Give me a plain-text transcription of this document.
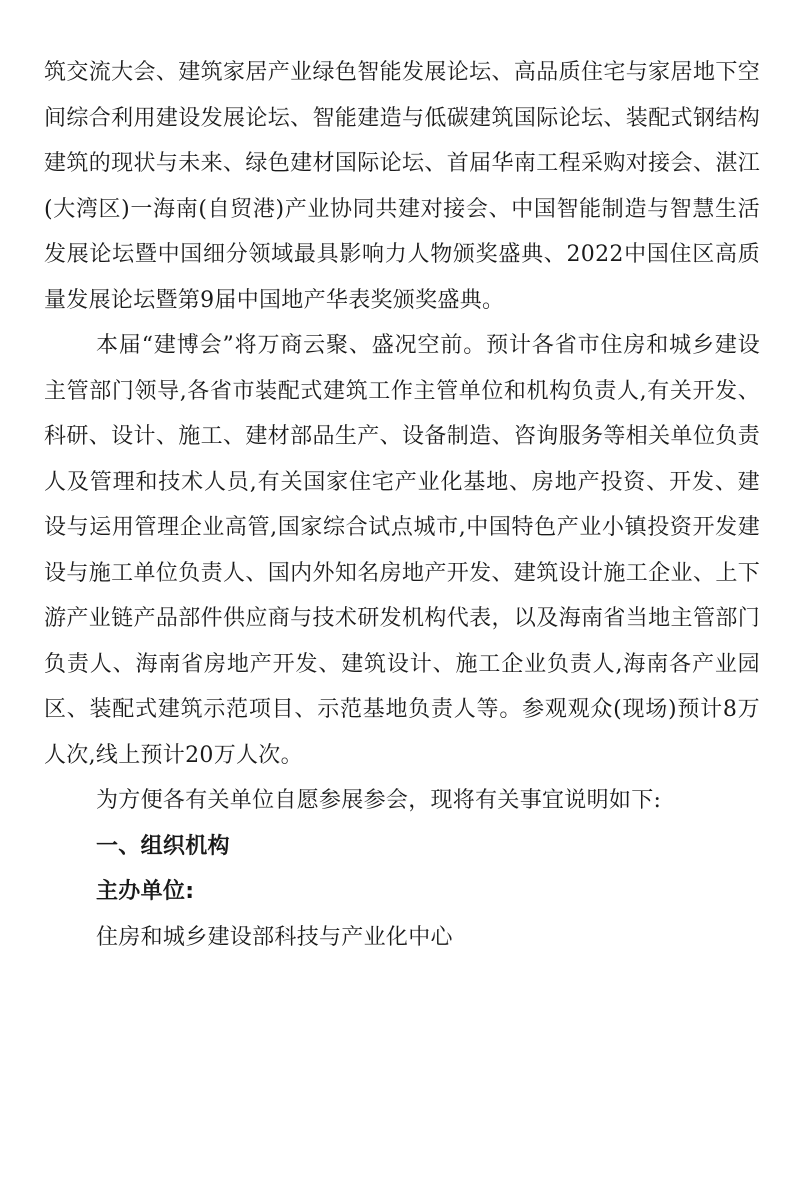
筑交流大会、建筑家居产业绿色智能发展论坛、高品质住宅与家居地下空间综合利用建设发展论坛、智能建造与低碳建筑国际论坛、装配式钢结构建筑的现状与未来、绿色建材国际论坛、首届华南工程采购对接会、湛江(大湾区)一海南(自贸港)产业协同共建对接会、中国智能制造与智慧生活发展论坛暨中国细分领域最具影响力人物颁奖盛典、2022中国住区高质量发展论坛暨第9届中国地产华表奖颁奖盛典。

本届“建博会”将万商云聚、盛况空前。预计各省市住房和城乡建设主管部门领导,各省市装配式建筑工作主管单位和机构负责人,有关开发、科研、设计、施工、建材部品生产、设备制造、咨询服务等相关单位负责人及管理和技术人员,有关国家住宅产业化基地、房地产投资、开发、建设与运用管理企业高管,国家综合试点城市,中国特色产业小镇投资开发建设与施工单位负责人、国内外知名房地产开发、建筑设计施工企业、上下游产业链产品部件供应商与技术研发机构代表，以及海南省当地主管部门负责人、海南省房地产开发、建筑设计、施工企业负责人,海南各产业园区、装配式建筑示范项目、示范基地负责人等。参观观众(现场)预计8万人次,线上预计20万人次。

为方便各有关单位自愿参展参会，现将有关事宜说明如下:

一、组织机构

主办单位:

住房和城乡建设部科技与产业化中心
